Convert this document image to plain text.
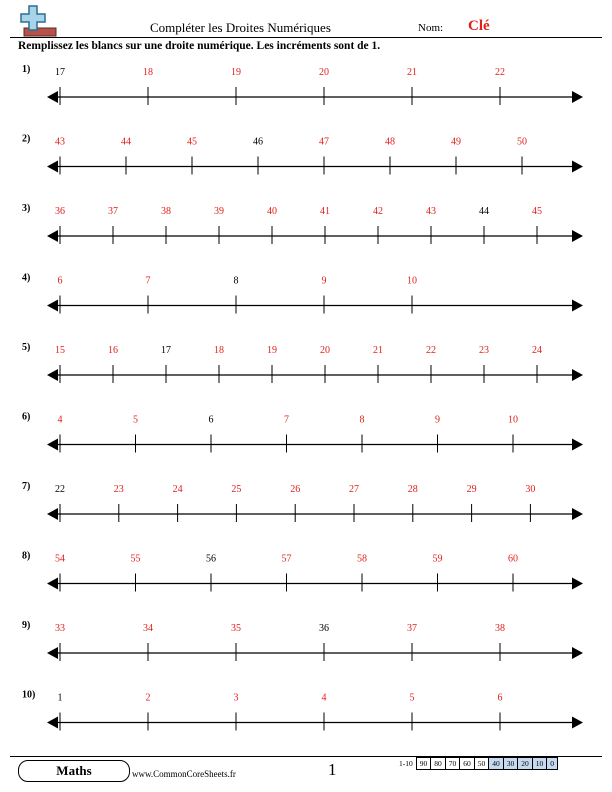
Compléter les Droites Numériques	Nom: Clé
Remplissez les blancs sur une droite numérique. Les incréments sont de 1.
1) 17	18	19	20	21	22
2) 43	44	45	46	47	48	49	50
3) 36	37	38	39	40	41	42	43	44	45
4)	6	7	8	9	10
5) 15	16	17	18	19	20	21	22	23	24
6)	4	5	6	7	8	9	10
7) 22	23	24	25	26	27	28	29	30
8) 54	55	56	57	58	59	60
9) 33	34	35	36	37	38
10) 1	2	3	4	5	6
Maths	www.CommonCoreSheets.fr	1	1-10	90	80	70	60	50	40	30	20	10	0
